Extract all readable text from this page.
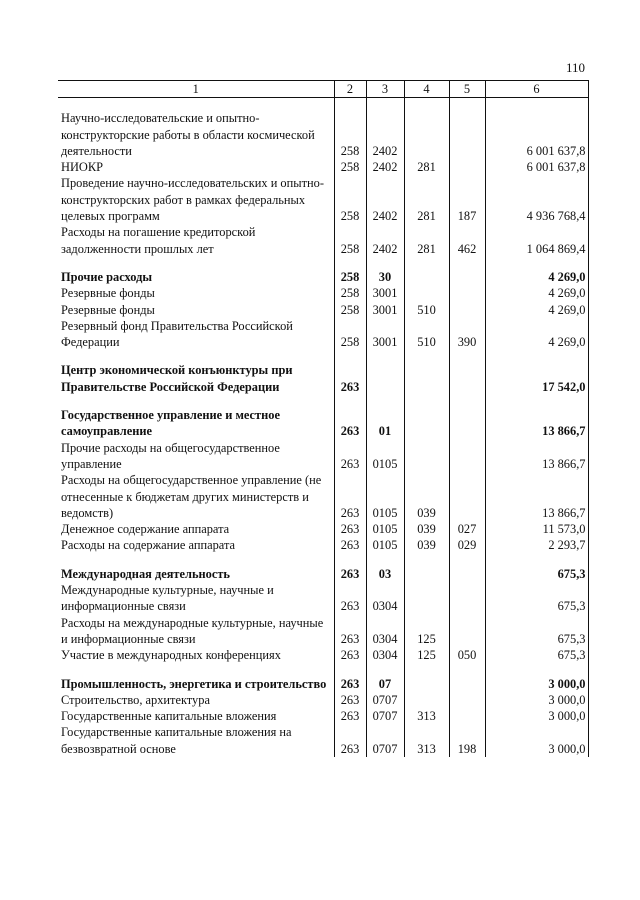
110
1	2	3	4	5	6

Научно-исследовательские и опытно-конструкторские работы в области космической деятельности	258	2402			6 001 637,8
НИОКР	258	2402	281		6 001 637,8
Проведение научно-исследовательских и опытно-конструкторских работ в рамках федеральных целевых программ	258	2402	281	187	4 936 768,4
Расходы на погашение кредиторской задолженности прошлых лет	258	2402	281	462	1 064 869,4

Прочие расходы	258	30			4 269,0
Резервные фонды	258	3001			4 269,0
Резервные фонды	258	3001	510		4 269,0
Резервный фонд Правительства Российской Федерации	258	3001	510	390	4 269,0

Центр экономической конъюнктуры при Правительстве Российской Федерации	263				17 542,0

Государственное управление и местное самоуправление	263	01			13 866,7
Прочие расходы на общегосударственное управление	263	0105			13 866,7
Расходы на общегосударственное управление (не отнесенные к бюджетам других министерств и ведомств)	263	0105	039		13 866,7
Денежное содержание аппарата	263	0105	039	027	11 573,0
Расходы на содержание аппарата	263	0105	039	029	2 293,7

Международная деятельность	263	03			675,3
Международные культурные, научные и информационные связи	263	0304			675,3
Расходы на международные культурные, научные и информационные связи	263	0304	125		675,3
Участие в международных конференциях	263	0304	125	050	675,3

Промышленность, энергетика и строительство	263	07			3 000,0
Строительство, архитектура	263	0707			3 000,0
Государственные капитальные вложения	263	0707	313		3 000,0
Государственные капитальные вложения на безвозвратной основе	263	0707	313	198	3 000,0
